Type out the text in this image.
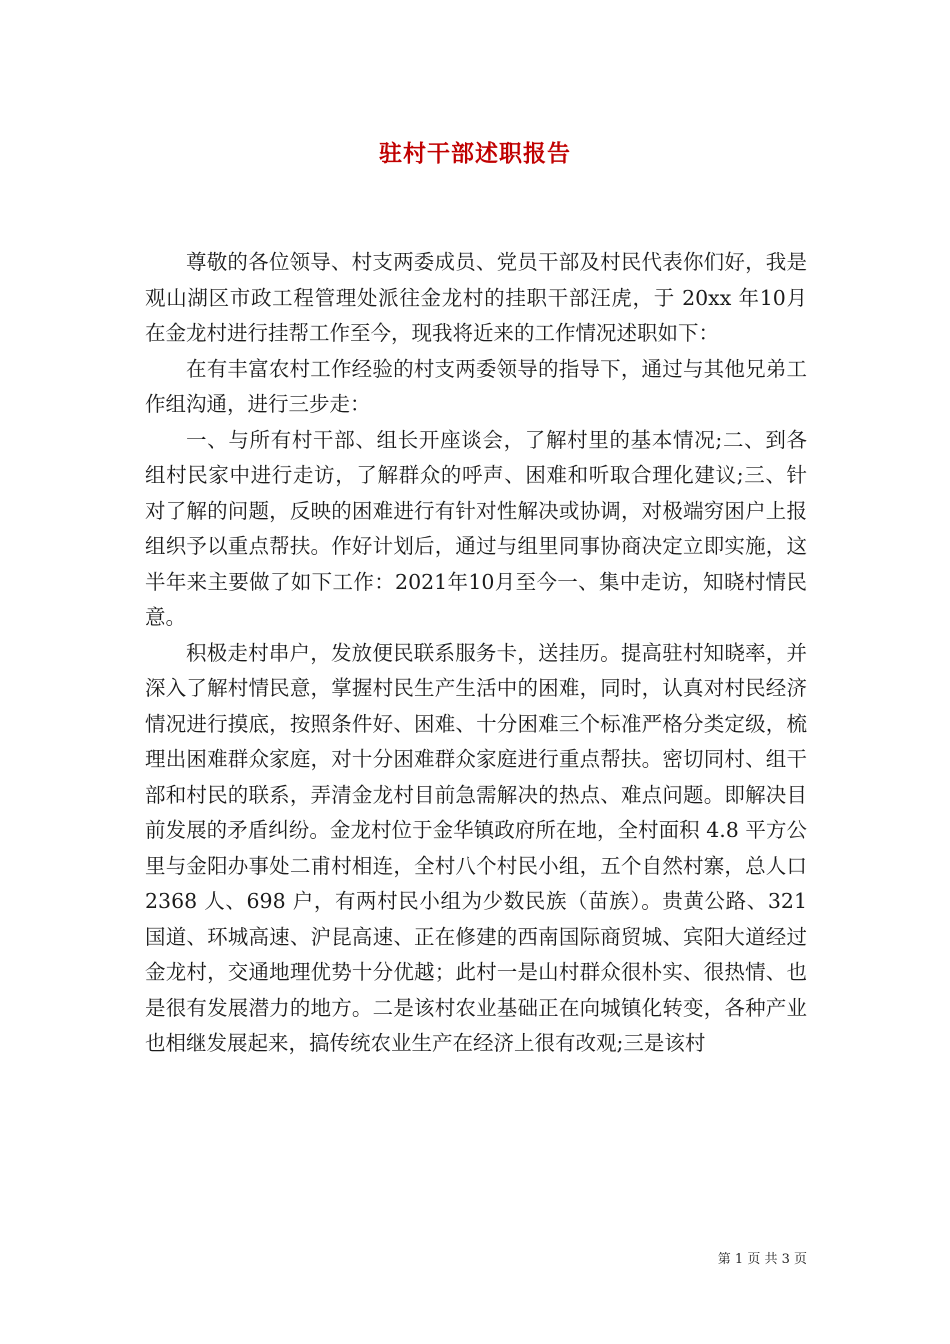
驻村干部述职报告

尊敬的各位领导、村支两委成员、党员干部及村民代表你们好，我是观山湖区市政工程管理处派往金龙村的挂职干部汪虎，于 20xx 年10月在金龙村进行挂帮工作至今，现我将近来的工作情况述职如下：

在有丰富农村工作经验的村支两委领导的指导下，通过与其他兄弟工作组沟通，进行三步走：

一、与所有村干部、组长开座谈会，了解村里的基本情况;二、到各组村民家中进行走访，了解群众的呼声、困难和听取合理化建议;三、针对了解的问题，反映的困难进行有针对性解决或协调，对极端穷困户上报组织予以重点帮扶。作好计划后，通过与组里同事协商决定立即实施，这半年来主要做了如下工作：2021年10月至今一、集中走访，知晓村情民意。

积极走村串户，发放便民联系服务卡，送挂历。提高驻村知晓率，并深入了解村情民意，掌握村民生产生活中的困难，同时，认真对村民经济情况进行摸底，按照条件好、困难、十分困难三个标准严格分类定级，梳理出困难群众家庭，对十分困难群众家庭进行重点帮扶。密切同村、组干部和村民的联系，弄清金龙村目前急需解决的热点、难点问题。即解决目前发展的矛盾纠纷。金龙村位于金华镇政府所在地，全村面积 4.8 平方公里与金阳办事处二甫村相连，全村八个村民小组，五个自然村寨，总人口 2368 人、698 户，有两村民小组为少数民族（苗族）。贵黄公路、321 国道、环城高速、沪昆高速、正在修建的西南国际商贸城、宾阳大道经过金龙村，交通地理优势十分优越；此村一是山村群众很朴实、很热情、也是很有发展潜力的地方。二是该村农业基础正在向城镇化转变，各种产业也相继发展起来，搞传统农业生产在经济上很有改观;三是该村

第 1 页 共 3 页
